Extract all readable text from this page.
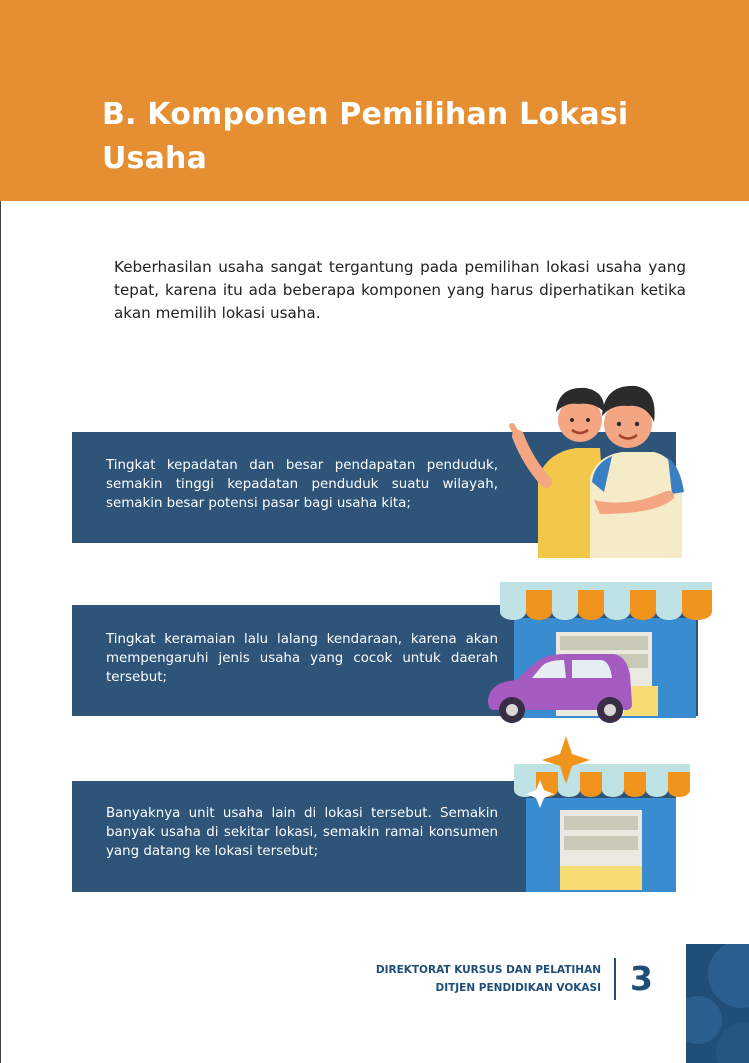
B. Komponen Pemilihan Lokasi Usaha

Keberhasilan usaha sangat tergantung pada pemilihan lokasi usaha yang tepat, karena itu ada beberapa komponen yang harus diperhatikan ketika akan memilih lokasi usaha.

Tingkat kepadatan dan besar pendapatan penduduk, semakin tinggi kepadatan penduduk suatu wilayah, semakin besar potensi pasar bagi usaha kita;

Tingkat keramaian lalu lalang kendaraan, karena akan mempengaruhi jenis usaha yang cocok untuk daerah tersebut;

Banyaknya unit usaha lain di lokasi tersebut. Semakin banyak usaha di sekitar lokasi, semakin ramai konsumen yang datang ke lokasi tersebut;

DIREKTORAT KURSUS DAN PELATIHAN
DITJEN PENDIDIKAN VOKASI 3
